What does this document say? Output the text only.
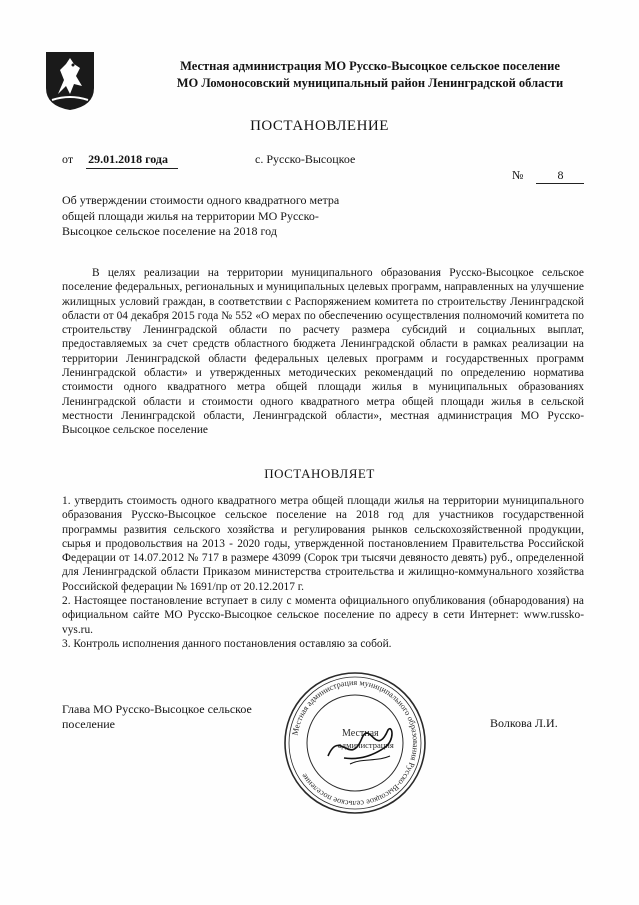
Местная администрация МО Русско-Высоцкое сельское поселение
МО Ломоносовский муниципальный район Ленинградской области
ПОСТАНОВЛЕНИЕ
от 29.01.2018 года	с. Русско-Высоцкое
№	8
Об утверждении стоимости одного квадратного метра общей площади жилья на территории МО Русско-Высоцкое сельское поселение на 2018 год
В целях реализации на территории муниципального образования Русско-Высоцкое сельское поселение федеральных, региональных и муниципальных целевых программ, направленных на улучшение жилищных условий граждан, в соответствии с Распоряжением комитета по строительству Ленинградской области от 04 декабря 2015 года № 552 «О мерах по обеспечению осуществления полномочий комитета по строительству Ленинградской области по расчету размера субсидий и социальных выплат, предоставляемых за счет средств областного бюджета Ленинградской области в рамках реализации на территории Ленинградской области федеральных целевых программ и государственных программ Ленинградской области» и утвержденных методических рекомендаций по определению норматива стоимости одного квадратного метра общей площади жилья в муниципальных образованиях Ленинградской области и стоимости одного квадратного метра общей площади жилья в сельской местности Ленинградской области, Ленинградской области», местная администрация МО Русско-Высоцкое сельское поселение
ПОСТАНОВЛЯЕТ

1. утвердить стоимость одного квадратного метра общей площади жилья на территории муниципального образования Русско-Высоцкое сельское поселение на 2018 год для участников государственной программы развития сельского хозяйства и регулирования рынков сельскохозяйственной продукции, сырья и продовольствия на 2013 - 2020 годы, утвержденной постановлением Правительства Российской Федерации от 14.07.2012 № 717 в размере 43099 (Сорок три тысячи девяносто девять) руб., определенной для Ленинградской области Приказом министерства строительства и жилищно-коммунального хозяйства Российской федерации № 1691/пр от 20.12.2017 г.

2. Настоящее постановление вступает в силу с момента официального опубликования (обнародования) на официальном сайте МО Русско-Высоцкое сельское поселение по адресу в сети Интернет: www.russko-vys.ru.

3. Контроль исполнения данного постановления оставляю за собой.

Глава МО Русско-Высоцкое сельское поселение
Местная администрация муниципального образования Русско-Высоцкое сельское поселение
Местная
администрация
Волкова Л.И.
